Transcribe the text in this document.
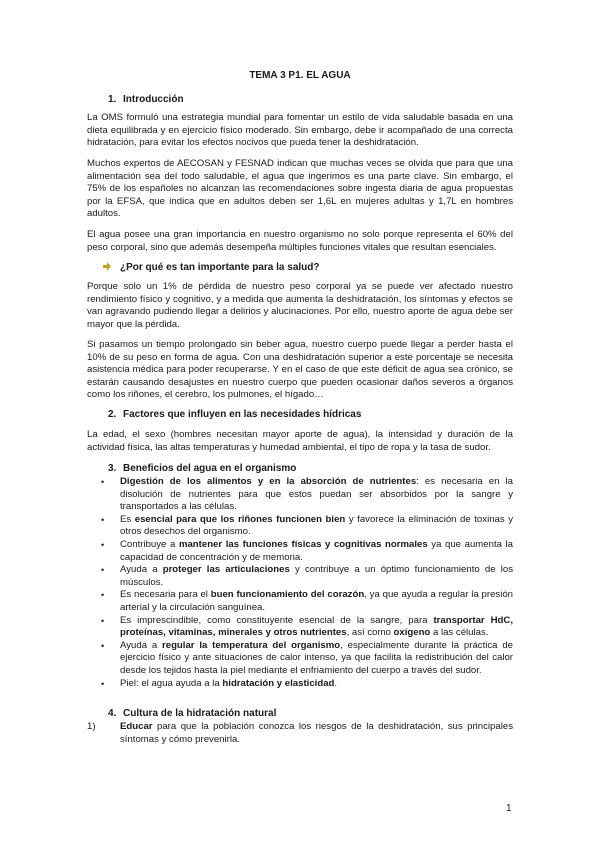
TEMA 3 P1. EL AGUA
1. Introducción

La OMS formuló una estrategia mundial para fomentar un estilo de vida saludable basada en una dieta equilibrada y en ejercicio físico moderado. Sin embargo, debe ir acompañado de una correcta hidratación, para evitar los efectos nocivos que pueda tener la deshidratación.

Muchos expertos de AECOSAN y FESNAD indican que muchas veces se olvida que para que una alimentación sea del todo saludable, el agua que ingerimos es una parte clave. Sin embargo, el 75% de los españoles no alcanzan las recomendaciones sobre ingesta diaria de agua propuestas por la EFSA, que indica que en adultos deben ser 1,6L en mujeres adultas y 1,7L en hombres adultos.

El agua posee una gran importancia en nuestro organismo no solo porque representa el 60% del peso corporal, sino que además desempeña múltiples funciones vitales que resultan esenciales.

¿Por qué es tan importante para la salud?

Porque solo un 1% de pérdida de nuestro peso corporal ya se puede ver afectado nuestro rendimiento físico y cognitivo, y a medida que aumenta la deshidratación, los síntomas y efectos se van agravando pudiendo llegar a delirios y alucinaciones. Por ello, nuestro aporte de agua debe ser mayor que la pérdida.

Si pasamos un tiempo prolongado sin beber agua, nuestro cuerpo puede llegar a perder hasta el 10% de su peso en forma de agua. Con una deshidratación superior a este porcentaje se necesita asistencia médica para poder recuperarse. Y en el caso de que este déficit de agua sea crónico, se estarán causando desajustes en nuestro cuerpo que pueden ocasionar daños severos a órganos como los riñones, el cerebro, los pulmones, el hígado…

2. Factores que influyen en las necesidades hídricas

La edad, el sexo (hombres necesitan mayor aporte de agua), la intensidad y duración de la actividad física, las altas temperaturas y humedad ambiental, el tipo de ropa y la tasa de sudor.

3. Beneficios del agua en el organismo
• Digestión de los alimentos y en la absorción de nutrientes: es necesaria en la disolución de nutrientes para que estos puedan ser absorbidos por la sangre y transportados a las células.
• Es esencial para que los riñones funcionen bien y favorece la eliminación de toxinas y otros desechos del organismo.
• Contribuye a mantener las funciones físicas y cognitivas normales ya que aumenta la capacidad de concentración y de memoria.
• Ayuda a proteger las articulaciones y contribuye a un óptimo funcionamiento de los músculos.
• Es necesaria para el buen funcionamiento del corazón, ya que ayuda a regular la presión arterial y la circulación sanguínea.
• Es imprescindible, como constituyente esencial de la sangre, para transportar HdC, proteínas, vitaminas, minerales y otros nutrientes, así como oxígeno a las células.
• Ayuda a regular la temperatura del organismo, especialmente durante la práctica de ejercicio físico y ante situaciones de calor intenso, ya que facilita la redistribución del calor desde los tejidos hasta la piel mediante el enfriamiento del cuerpo a través del sudor.
• Piel: el agua ayuda a la hidratación y elasticidad.
4. Cultura de la hidratación natural
1)	Educar para que la población conozca los riesgos de la deshidratación, sus principales síntomas y cómo prevenirla.
1
